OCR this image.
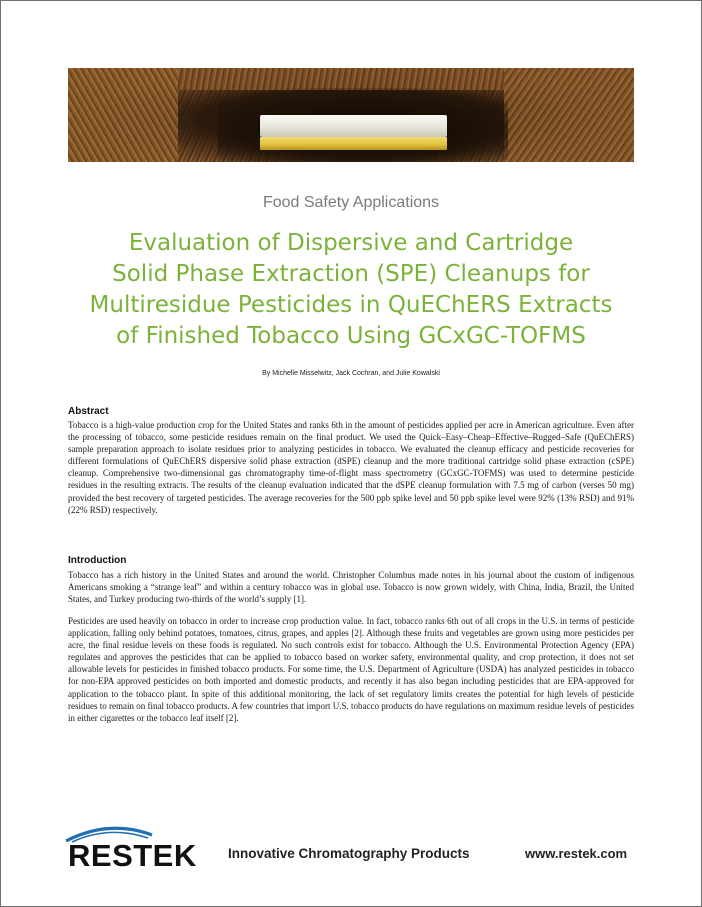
Food Safety Applications
Evaluation of Dispersive and Cartridge
Solid Phase Extraction (SPE) Cleanups for
Multiresidue Pesticides in QuEChERS Extracts
of Finished Tobacco Using GCxGC-TOFMS
By Michelle Misselwitz, Jack Cochran, and Julie Kowalski
Abstract

Tobacco is a high-value production crop for the United States and ranks 6th in the amount of pesticides applied per acre in American agriculture. Even after the processing of tobacco, some pesticide residues remain on the final product. We used the Quick–Easy–Cheap–Effective–Rugged–Safe (QuEChERS) sample preparation approach to isolate residues prior to analyzing pesticides in tobacco. We evaluated the cleanup efficacy and pesticide recoveries for different formulations of QuEChERS dispersive solid phase extraction (dSPE) cleanup and the more traditional cartridge solid phase extraction (cSPE) cleanup. Comprehensive two-dimensional gas chromatography time-of-flight mass spectrometry (GCxGC-TOFMS) was used to determine pesticide residues in the resulting extracts. The results of the cleanup evaluation indicated that the dSPE cleanup formulation with 7.5 mg of carbon (verses 50 mg) provided the best recovery of targeted pesticides. The average recoveries for the 500 ppb spike level and 50 ppb spike level were 92% (13% RSD) and 91% (22% RSD) respectively.

Introduction

Tobacco has a rich history in the United States and around the world. Christopher Columbus made notes in his journal about the custom of indigenous Americans smoking a “strange leaf” and within a century tobacco was in global use. Tobacco is now grown widely, with China, India, Brazil, the United States, and Turkey producing two-thirds of the world’s supply [1].

Pesticides are used heavily on tobacco in order to increase crop production value. In fact, tobacco ranks 6th out of all crops in the U.S. in terms of pesticide application, falling only behind potatoes, tomatoes, citrus, grapes, and apples [2]. Although these fruits and vegetables are grown using more pesticides per acre, the final residue levels on these foods is regulated. No such controls exist for tobacco. Although the U.S. Environmental Protection Agency (EPA) regulates and approves the pesticides that can be applied to tobacco based on worker safety, environmental quality, and crop protection, it does not set allowable levels for pesticides in finished tobacco products. For some time, the U.S. Department of Agriculture (USDA) has analyzed pesticides in tobacco for non-EPA approved pesticides on both imported and domestic products, and recently it has also began including pesticides that are EPA-approved for application to the tobacco plant. In spite of this additional monitoring, the lack of set regulatory limits creates the potential for high levels of pesticide residues to remain on final tobacco products. A few countries that import U.S. tobacco products do have regulations on maximum residue levels of pesticides in either cigarettes or the tobacco leaf itself [2].

RESTEK Innovative Chromatography Products	www.restek.com
